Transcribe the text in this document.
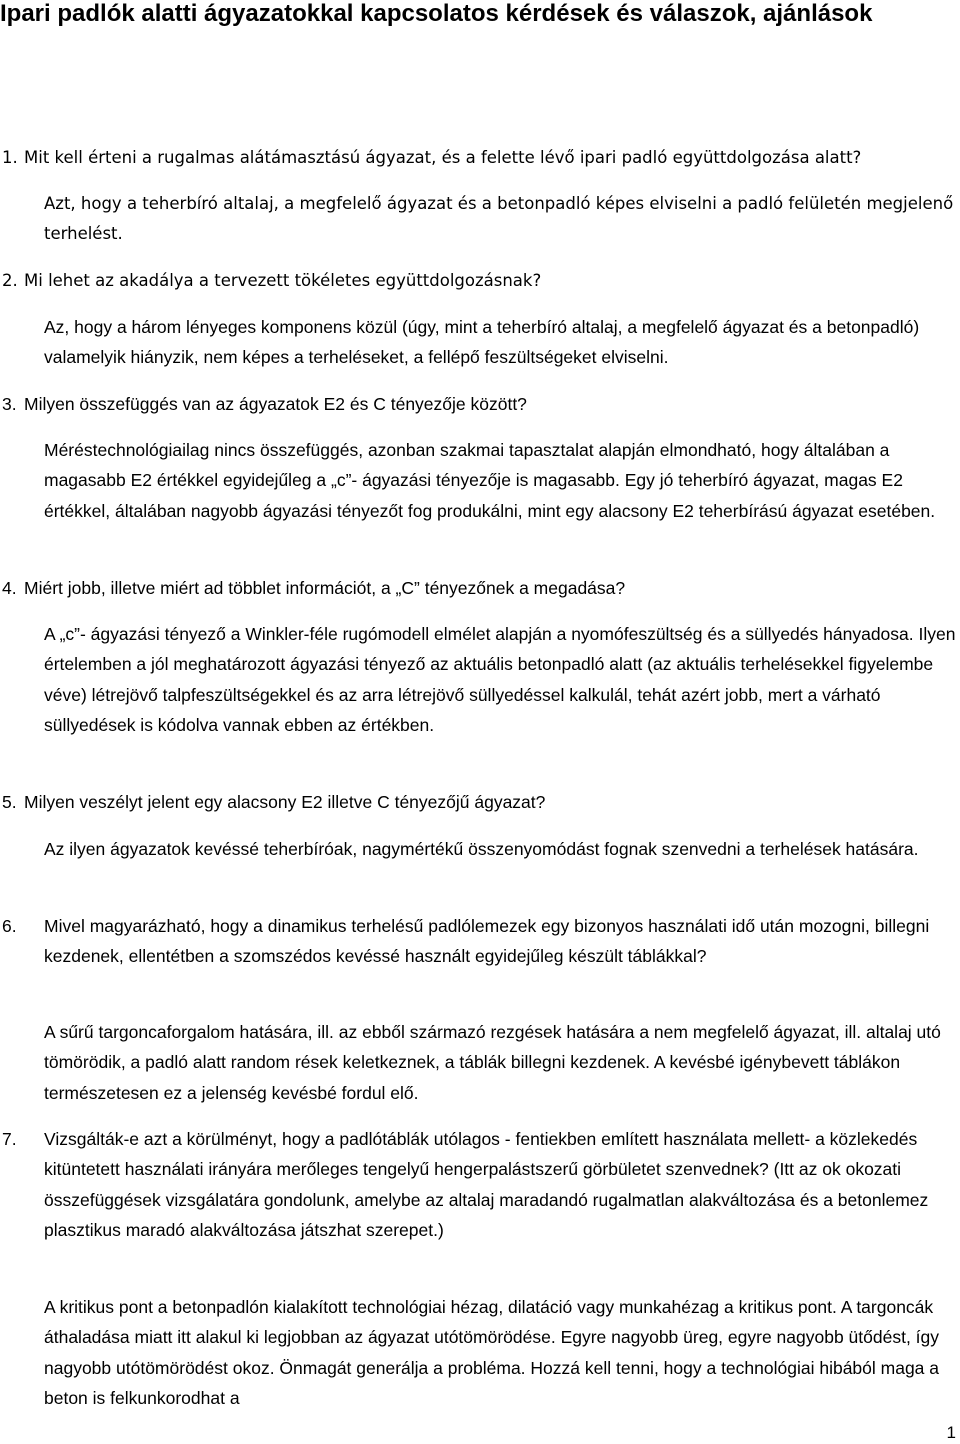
Ipari padlók alatti ágyazatokkal kapcsolatos kérdések és válaszok, ajánlások

1. Mit kell érteni a rugalmas alátámasztású ágyazat, és a felette lévő ipari padló együttdolgozása alatt?

Azt, hogy a teherbíró altalaj, a megfelelő ágyazat és a betonpadló képes elviselni a padló felületén megjelenő terhelést.

2. Mi lehet az akadálya a tervezett tökéletes együttdolgozásnak?

Az, hogy a három lényeges komponens közül (úgy, mint a teherbíró altalaj, a megfelelő ágyazat és a betonpadló) valamelyik hiányzik, nem képes a terheléseket, a fellépő feszültségeket elviselni.

3. Milyen összefüggés van az ágyazatok E2 és C tényezője között?

Méréstechnológiailag nincs összefüggés, azonban szakmai tapasztalat alapján elmondható, hogy általában a magasabb E2 értékkel egyidejűleg a „c”- ágyazási tényezője is magasabb. Egy jó teherbíró ágyazat, magas E2 értékkel, általában nagyobb ágyazási tényezőt fog produkálni, mint egy alacsony E2 teherbírású ágyazat esetében.

4. Miért jobb, illetve miért ad többlet információt, a „C” tényezőnek a megadása?

A „c”- ágyazási tényező a Winkler-féle rugómodell elmélet alapján a nyomófeszültség és a süllyedés hányadosa. Ilyen értelemben a jól meghatározott ágyazási tényező az aktuális betonpadló alatt (az aktuális terhelésekkel figyelembe véve) létrejövő talpfeszültségekkel és az arra létrejövő süllyedéssel kalkulál, tehát azért jobb, mert a várható süllyedések is kódolva vannak ebben az értékben.

5. Milyen veszélyt jelent egy alacsony E2 illetve C tényezőjű ágyazat?

Az ilyen ágyazatok kevéssé teherbíróak, nagymértékű összenyomódást fognak szenvedni a terhelések hatására.

6. Mivel magyarázható, hogy a dinamikus terhelésű padlólemezek egy bizonyos használati idő után mozogni, billegni kezdenek, ellentétben a szomszédos kevéssé használt egyidejűleg készült táblákkal?

A sűrű targoncaforgalom hatására, ill. az ebből származó rezgések hatására a nem megfelelő ágyazat, ill. altalaj utó tömörödik, a padló alatt random rések keletkeznek, a táblák billegni kezdenek. A kevésbé igénybevett táblákon természetesen ez a jelenség kevésbé fordul elő.

7. Vizsgálták-e azt a körülményt, hogy a padlótáblák utólagos - fentiekben említett használata mellett- a közlekedés kitüntetett használati irányára merőleges tengelyű hengerpalástszerű görbületet szenvednek? (Itt az ok okozati összefüggések vizsgálatára gondolunk, amelybe az altalaj maradandó rugalmatlan alakváltozása és a betonlemez plasztikus maradó alakváltozása játszhat szerepet.)

A kritikus pont a betonpadlón kialakított technológiai hézag, dilatáció vagy munkahézag a kritikus pont. A targoncák áthaladása miatt itt alakul ki legjobban az ágyazat utótömörödése. Egyre nagyobb üreg, egyre nagyobb ütődést, így nagyobb utótömörödést okoz. Önmagát generálja a probléma. Hozzá kell tenni, hogy a technológiai hibából maga a beton is felkunkorodhat a

1
